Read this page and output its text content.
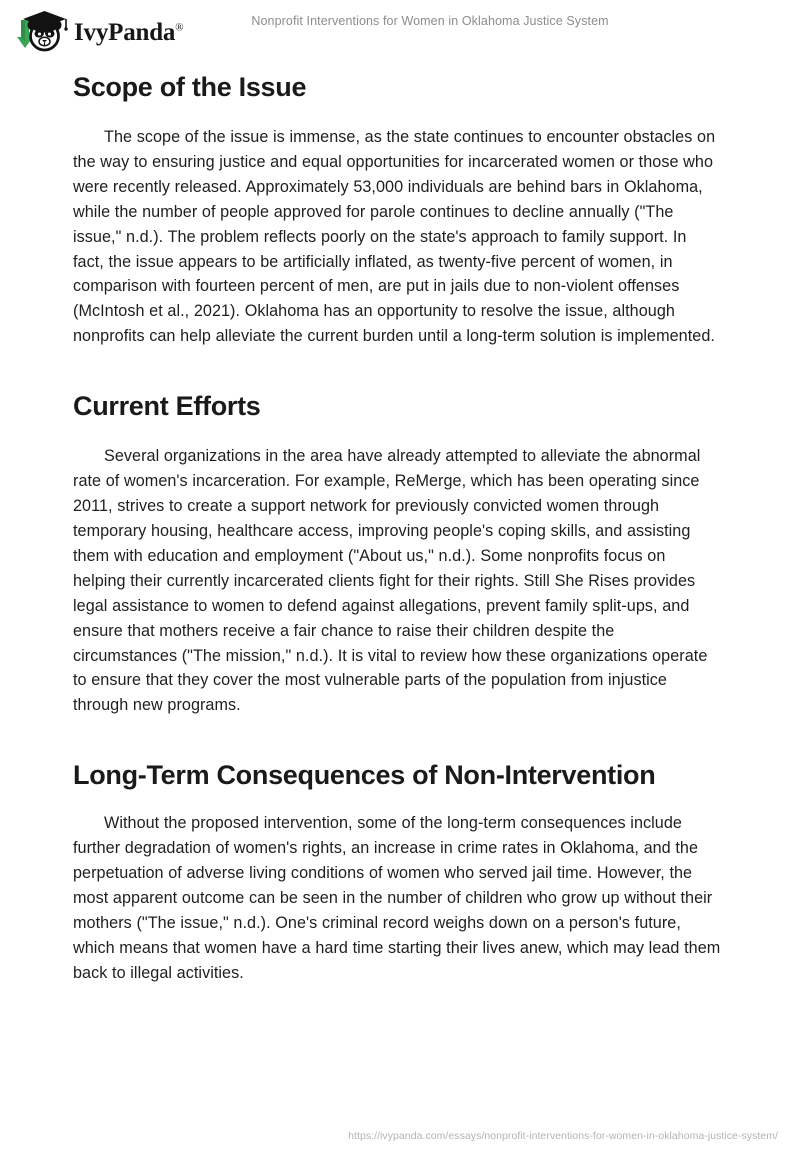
IvyPanda®	Nonprofit Interventions for Women in Oklahoma Justice System
Scope of the Issue

The scope of the issue is immense, as the state continues to encounter obstacles on the way to ensuring justice and equal opportunities for incarcerated women or those who were recently released. Approximately 53,000 individuals are behind bars in Oklahoma, while the number of people approved for parole continues to decline annually ("The issue," n.d.). The problem reflects poorly on the state's approach to family support. In fact, the issue appears to be artificially inflated, as twenty-five percent of women, in comparison with fourteen percent of men, are put in jails due to non-violent offenses (McIntosh et al., 2021). Oklahoma has an opportunity to resolve the issue, although nonprofits can help alleviate the current burden until a long-term solution is implemented.

Current Efforts

Several organizations in the area have already attempted to alleviate the abnormal rate of women's incarceration. For example, ReMerge, which has been operating since 2011, strives to create a support network for previously convicted women through temporary housing, healthcare access, improving people's coping skills, and assisting them with education and employment ("About us," n.d.). Some nonprofits focus on helping their currently incarcerated clients fight for their rights. Still She Rises provides legal assistance to women to defend against allegations, prevent family split-ups, and ensure that mothers receive a fair chance to raise their children despite the circumstances ("The mission," n.d.). It is vital to review how these organizations operate to ensure that they cover the most vulnerable parts of the population from injustice through new programs.

Long-Term Consequences of Non-Intervention

Without the proposed intervention, some of the long-term consequences include further degradation of women's rights, an increase in crime rates in Oklahoma, and the perpetuation of adverse living conditions of women who served jail time. However, the most apparent outcome can be seen in the number of children who grow up without their mothers ("The issue," n.d.). One's criminal record weighs down on a person's future, which means that women have a hard time starting their lives anew, which may lead them back to illegal activities.

https://ivypanda.com/essays/nonprofit-interventions-for-women-in-oklahoma-justice-system/
